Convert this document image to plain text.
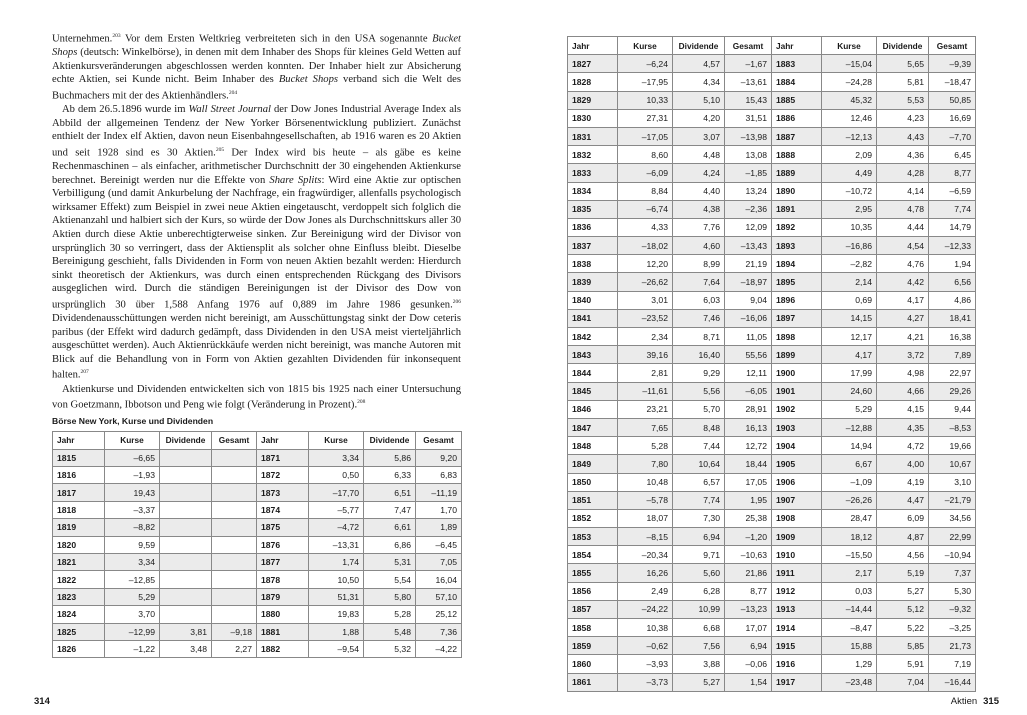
Unternehmen.$^{203}$ Vor dem Ersten Weltkrieg verbreiteten sich in den USA sogenannte Bucket Shops (deutsch: Winkelbörse), in denen mit dem Inhaber des Shops für kleines Geld Wetten auf Aktienkursveränderungen abgeschlossen werden konnten. Der Inhaber hielt zur Absicherung echte Aktien, sei Kunde nicht. Beim Inhaber des Bucket Shops verband sich die Welt des Buchmachers mit der des Aktienhändlers.$^{204}$

Ab dem 26.5.1896 wurde im Wall Street Journal der Dow Jones Industrial Average Index als Abbild der allgemeinen Tendenz der New Yorker Börsenentwicklung publiziert. Zunächst enthielt der Index elf Aktien, davon neun Eisenbahngesellschaften, ab 1916 waren es 20 Aktien und seit 1928 sind es 30 Aktien.$^{205}$ Der Index wird bis heute – als gäbe es keine Rechenmaschinen – als einfacher, arithmetischer Durchschnitt der 30 eingehenden Aktienkurse berechnet. Bereinigt werden nur die Effekte von Share Splits: Wird eine Aktie zur optischen Verbilligung (und damit Ankurbelung der Nachfrage, ein fragwürdiger, allenfalls psychologisch wirksamer Effekt) zum Beispiel in zwei neue Aktien eingetauscht, verdoppelt sich folglich die Aktienanzahl und halbiert sich der Kurs, so würde der Dow Jones als Durchschnittskurs aller 30 Aktien durch diese Aktie unberechtigterweise sinken. Zur Bereinigung wird der Divisor von ursprünglich 30 so verringert, dass der Aktiensplit als solcher ohne Einfluss bleibt. Dieselbe Bereinigung geschieht, falls Dividenden in Form von neuen Aktien bezahlt werden: Hierdurch sinkt theoretisch der Aktienkurs, was durch einen entsprechenden Rückgang des Divisors ausgeglichen wird. Durch die ständigen Bereinigungen ist der Divisor des Dow von ursprünglich 30 über 1,588 Anfang 1976 auf 0,889 im Jahre 1986 gesunken.$^{206}$ Dividendenausschüttungen werden nicht bereinigt, am Ausschüttungstag sinkt der Dow ceteris paribus (der Effekt wird dadurch gedämpft, dass Dividenden in den USA meist vierteljährlich ausgeschüttet werden). Auch Aktienrückkäufe werden nicht bereinigt, was manche Autoren mit Blick auf die Behandlung von in Form von Aktien gezahlten Dividenden für inkonsequent halten.$^{207}$

Aktienkurse und Dividenden entwickelten sich von 1815 bis 1925 nach einer Untersuchung von Goetzmann, Ibbotson und Peng wie folgt (Veränderung in Prozent).$^{208}$

Börse New York, Kurse und Dividenden
Jahr	Kurse	Dividende	Gesamt	Jahr	Kurse	Dividende	Gesamt
1815	–6,65			1871	3,34	5,86	9,20
1816	–1,93			1872	0,50	6,33	6,83
1817	19,43			1873	–17,70	6,51	–11,19
1818	–3,37			1874	–5,77	7,47	1,70
1819	–8,82			1875	–4,72	6,61	1,89
1820	9,59			1876	–13,31	6,86	–6,45
1821	3,34			1877	1,74	5,31	7,05
1822	–12,85			1878	10,50	5,54	16,04
1823	5,29			1879	51,31	5,80	57,10
1824	3,70			1880	19,83	5,28	25,12
1825	–12,99	3,81	–9,18	1881	1,88	5,48	7,36
1826	–1,22	3,48	2,27	1882	–9,54	5,32	–4,22
Jahr	Kurse	Dividende	Gesamt	Jahr	Kurse	Dividende	Gesamt
1827	–6,24	4,57	–1,67	1883	–15,04	5,65	–9,39
1828	–17,95	4,34	–13,61	1884	–24,28	5,81	–18,47
1829	10,33	5,10	15,43	1885	45,32	5,53	50,85
1830	27,31	4,20	31,51	1886	12,46	4,23	16,69
1831	–17,05	3,07	–13,98	1887	–12,13	4,43	–7,70
1832	8,60	4,48	13,08	1888	2,09	4,36	6,45
1833	–6,09	4,24	–1,85	1889	4,49	4,28	8,77
1834	8,84	4,40	13,24	1890	–10,72	4,14	–6,59
1835	–6,74	4,38	–2,36	1891	2,95	4,78	7,74
1836	4,33	7,76	12,09	1892	10,35	4,44	14,79
1837	–18,02	4,60	–13,43	1893	–16,86	4,54	–12,33
1838	12,20	8,99	21,19	1894	–2,82	4,76	1,94
1839	–26,62	7,64	–18,97	1895	2,14	4,42	6,56
1840	3,01	6,03	9,04	1896	0,69	4,17	4,86
1841	–23,52	7,46	–16,06	1897	14,15	4,27	18,41
1842	2,34	8,71	11,05	1898	12,17	4,21	16,38
1843	39,16	16,40	55,56	1899	4,17	3,72	7,89
1844	2,81	9,29	12,11	1900	17,99	4,98	22,97
1845	–11,61	5,56	–6,05	1901	24,60	4,66	29,26
1846	23,21	5,70	28,91	1902	5,29	4,15	9,44
1847	7,65	8,48	16,13	1903	–12,88	4,35	–8,53
1848	5,28	7,44	12,72	1904	14,94	4,72	19,66
1849	7,80	10,64	18,44	1905	6,67	4,00	10,67
1850	10,48	6,57	17,05	1906	–1,09	4,19	3,10
1851	–5,78	7,74	1,95	1907	–26,26	4,47	–21,79
1852	18,07	7,30	25,38	1908	28,47	6,09	34,56
1853	–8,15	6,94	–1,20	1909	18,12	4,87	22,99
1854	–20,34	9,71	–10,63	1910	–15,50	4,56	–10,94
1855	16,26	5,60	21,86	1911	2,17	5,19	7,37
1856	2,49	6,28	8,77	1912	0,03	5,27	5,30
1857	–24,22	10,99	–13,23	1913	–14,44	5,12	–9,32
1858	10,38	6,68	17,07	1914	–8,47	5,22	–3,25
1859	–0,62	7,56	6,94	1915	15,88	5,85	21,73
1860	–3,93	3,88	–0,06	1916	1,29	5,91	7,19
1861	–3,73	5,27	1,54	1917	–23,48	7,04	–16,44
314	Aktien 315
